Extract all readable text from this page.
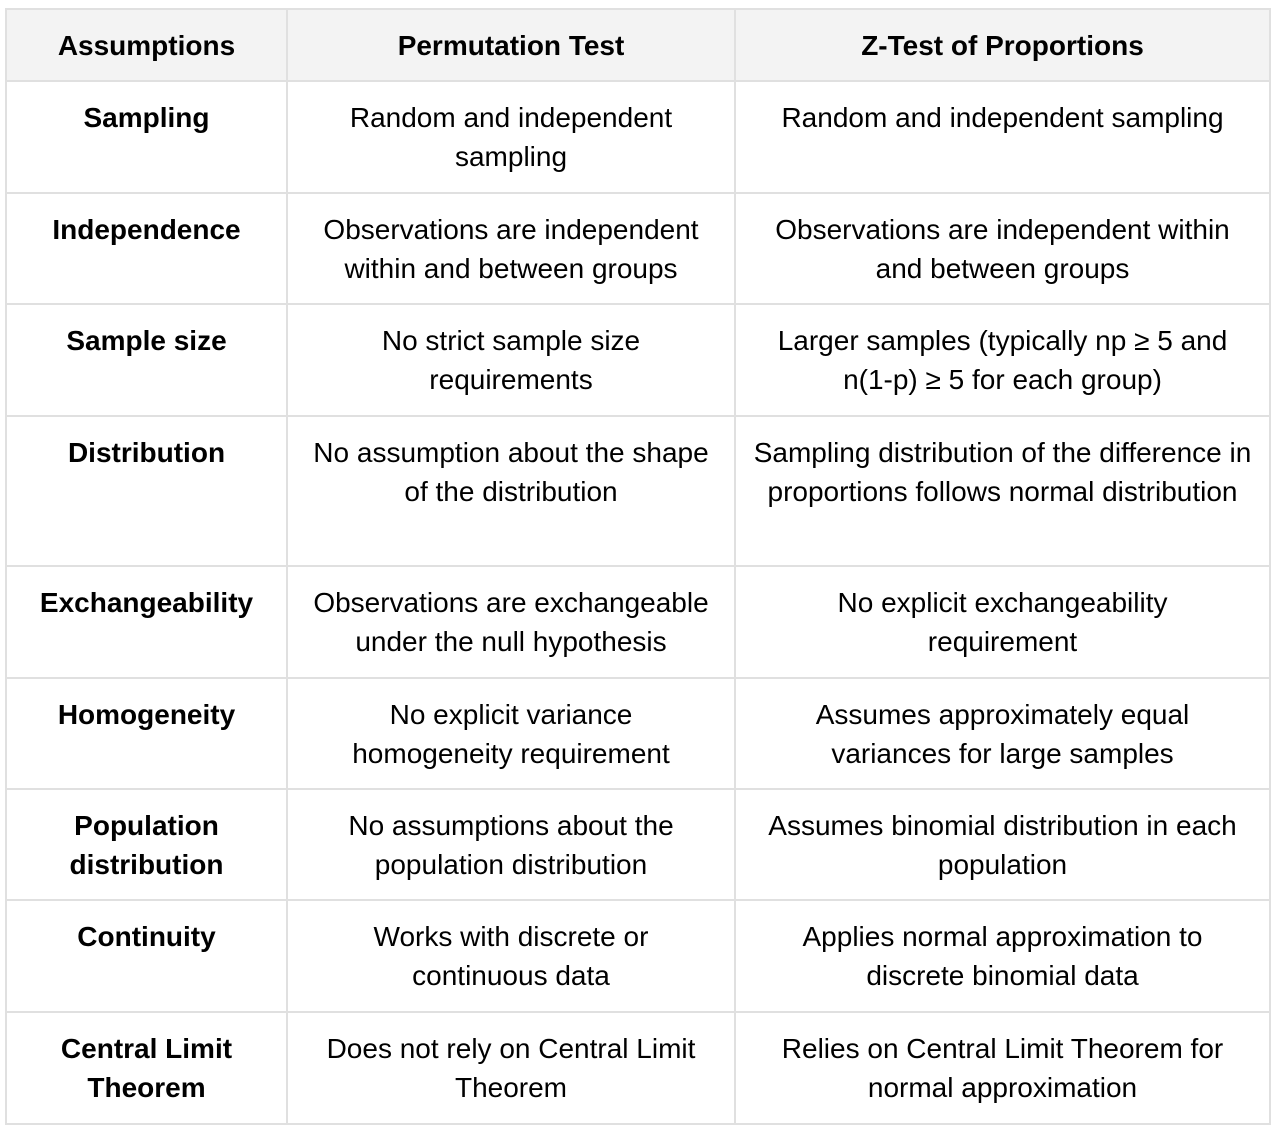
Assumptions	Permutation Test	Z-Test of Proportions
Sampling	Random and independent sampling	Random and independent sampling
Independence	Observations are independent within and between groups	Observations are independent within and between groups
Sample size	No strict sample size requirements	Larger samples (typically np ≥ 5 and n(1-p) ≥ 5 for each group)
Distribution	No assumption about the shape of the distribution	Sampling distribution of the difference in proportions follows normal distribution
Exchangeability	Observations are exchangeable under the null hypothesis	No explicit exchangeability requirement
Homogeneity	No explicit variance homogeneity requirement	Assumes approximately equal variances for large samples
Population distribution	No assumptions about the population distribution	Assumes binomial distribution in each population
Continuity	Works with discrete or continuous data	Applies normal approximation to discrete binomial data
Central Limit Theorem	Does not rely on Central Limit Theorem	Relies on Central Limit Theorem for normal approximation
